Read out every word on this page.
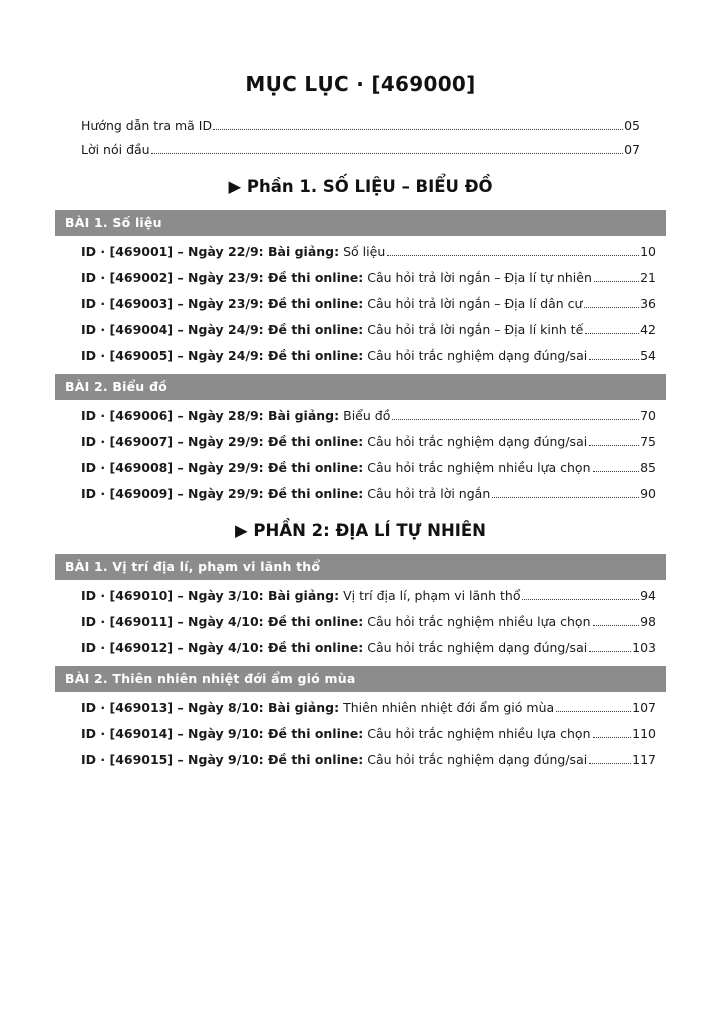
MỤC LỤC · [469000]
Hướng dẫn tra mã ID	05
Lời nói đầu	07
▶ Phần 1. SỐ LIỆU – BIỂU ĐỒ
BÀI 1. Số liệu
ID · [469001] – Ngày 22/9: Bài giảng: Số liệu	10
ID · [469002] – Ngày 23/9: Đề thi online: Câu hỏi trả lời ngắn – Địa lí tự nhiên	21
ID · [469003] – Ngày 23/9: Đề thi online: Câu hỏi trả lời ngắn – Địa lí dân cư	36
ID · [469004] – Ngày 24/9: Đề thi online: Câu hỏi trả lời ngắn – Địa lí kinh tế	42
ID · [469005] – Ngày 24/9: Đề thi online: Câu hỏi trắc nghiệm dạng đúng/sai	54
BÀI 2. Biểu đồ
ID · [469006] – Ngày 28/9: Bài giảng: Biểu đồ	70
ID · [469007] – Ngày 29/9: Đề thi online: Câu hỏi trắc nghiệm dạng đúng/sai	75
ID · [469008] – Ngày 29/9: Đề thi online: Câu hỏi trắc nghiệm nhiều lựa chọn	85
ID · [469009] – Ngày 29/9: Đề thi online: Câu hỏi trả lời ngắn	90
▶ PHẦN 2: ĐỊA LÍ TỰ NHIÊN
BÀI 1. Vị trí địa lí, phạm vi lãnh thổ
ID · [469010] – Ngày 3/10: Bài giảng: Vị trí địa lí, phạm vi lãnh thổ	94
ID · [469011] – Ngày 4/10: Đề thi online: Câu hỏi trắc nghiệm nhiều lựa chọn	98
ID · [469012] – Ngày 4/10: Đề thi online: Câu hỏi trắc nghiệm dạng đúng/sai	103
BÀI 2. Thiên nhiên nhiệt đới ẩm gió mùa
ID · [469013] – Ngày 8/10: Bài giảng: Thiên nhiên nhiệt đới ẩm gió mùa	107
ID · [469014] – Ngày 9/10: Đề thi online: Câu hỏi trắc nghiệm nhiều lựa chọn	110
ID · [469015] – Ngày 9/10: Đề thi online: Câu hỏi trắc nghiệm dạng đúng/sai	117
